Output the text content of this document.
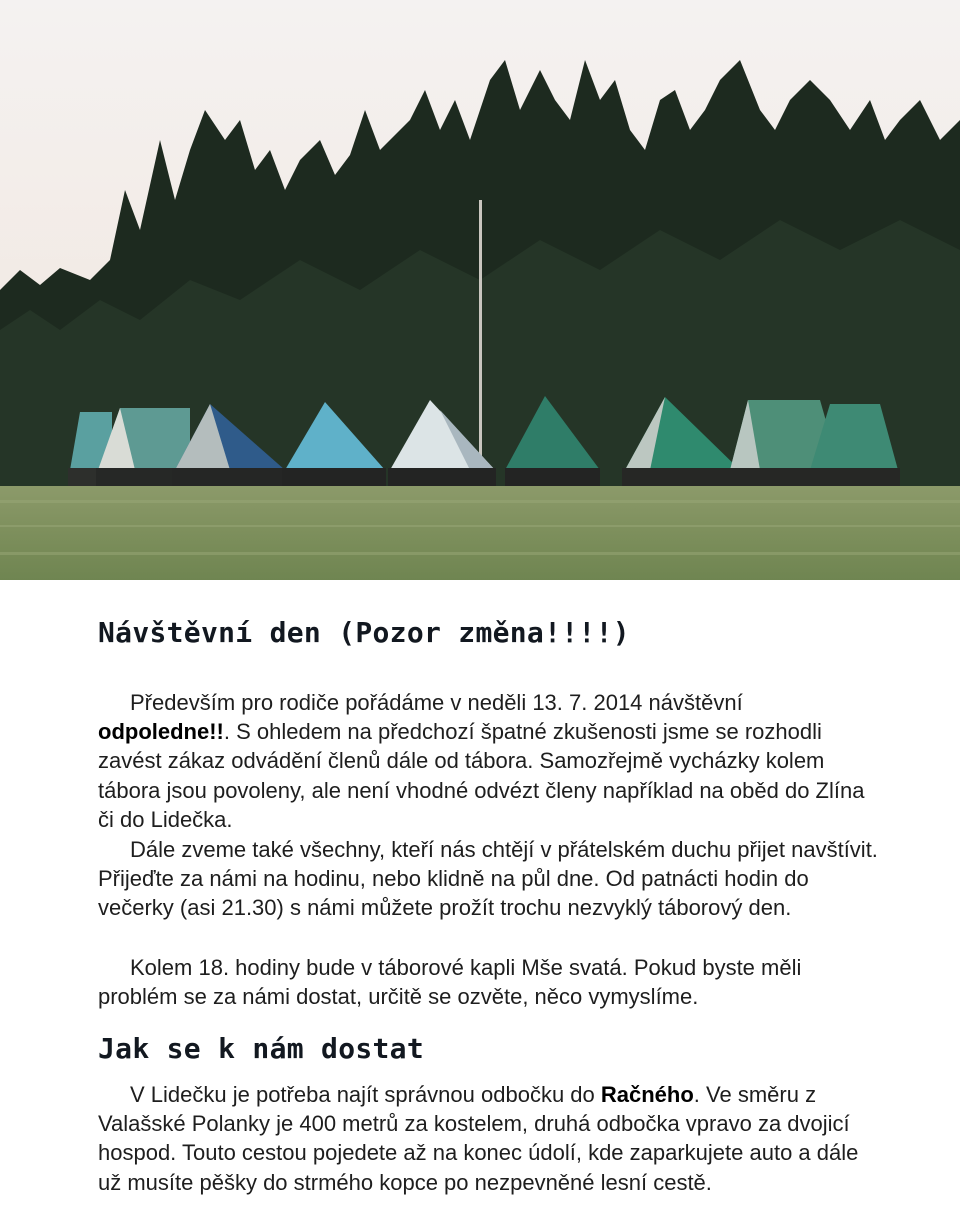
Návštěvní den (Pozor změna!!!!)

Především pro rodiče pořádáme v neděli 13. 7. 2014 návštěvní odpoledne!!. S ohledem na předchozí špatné zkušenosti jsme se rozhodli zavést zákaz odvádění členů dále od tábora. Samozřejmě vycházky kolem tábora jsou povoleny, ale není vhodné odvézt členy například na oběd do Zlína či do Lidečka.

Dále zveme také všechny, kteří nás chtějí v přátelském duchu přijet navštívit. Přijeďte za námi na hodinu, nebo klidně na půl dne. Od patnácti hodin do večerky (asi 21.30) s námi můžete prožít trochu nezvyklý táborový den.

Kolem 18. hodiny bude v táborové kapli Mše svatá. Pokud byste měli problém se za námi dostat, určitě se ozvěte, něco vymyslíme.

Jak se k nám dostat

V Lidečku je potřeba najít správnou odbočku do Račného. Ve směru z Valašské Polanky je 400 metrů za kostelem, druhá odbočka vpravo za dvojicí hospod. Touto cestou pojedete až na konec údolí, kde zaparkujete auto a dále už musíte pěšky do strmého kopce po nezpevněné lesní cestě.
